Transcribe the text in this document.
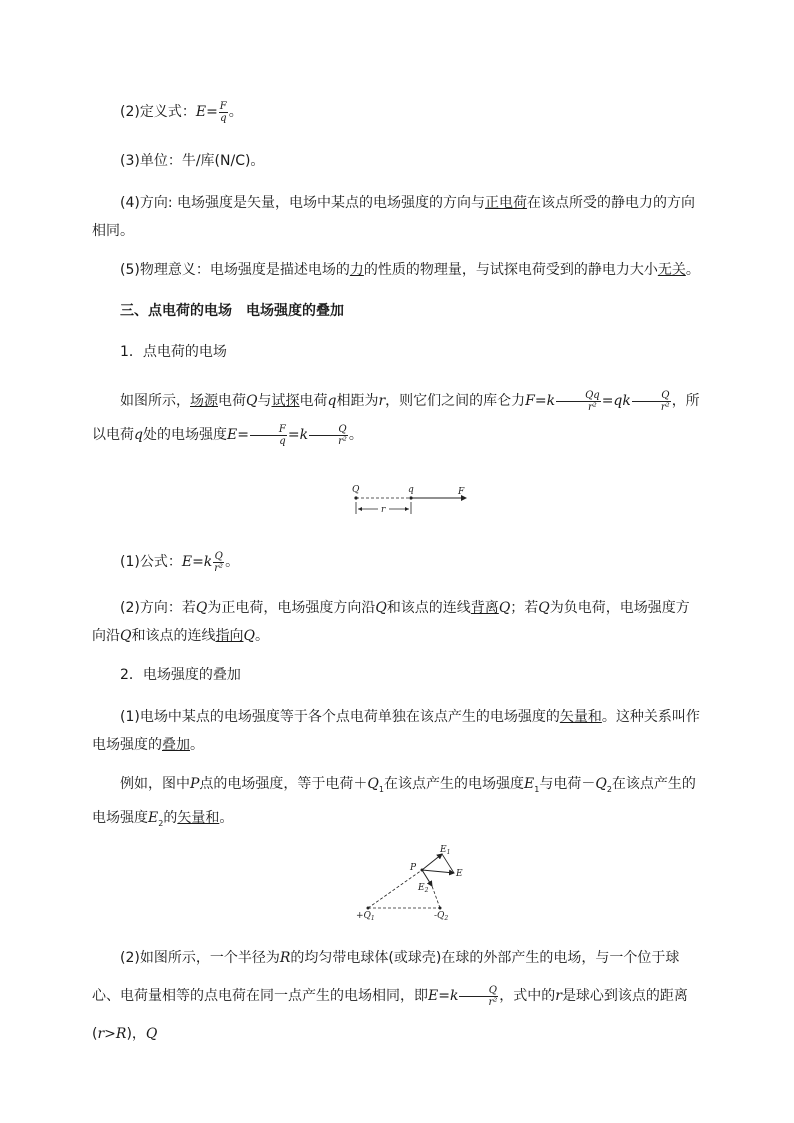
(2)定义式：$E= \frac{F}{q}$ 。
(3)单位：牛/库(N/C)。
(4)方向: 电场强度是矢量，电场中某点的电场强度的方向与正电荷在该点所受的静电力的方向相同。
(5)物理意义：电场强度是描述电场的力的性质的物理量，与试探电荷受到的静电力大小无关。
三、点电荷的电场　电场强度的叠加
1．点电荷的电场
如图所示，场源电荷Q与试探电荷q相距为r，则它们之间的库仑力$F=k \frac{Qq}{\text{r²}} =qk \frac{Q}{\text{r²}}$ ，所以电荷q处的电场强度$E= \frac{F}{q} =k \frac{Q}{\text{r²}}$ 。
Q	q	F
r
(1)公式：$E=k \frac{Q}{\text{r²}}$ 。
(2)方向：若Q为正电荷，电场强度方向沿Q和该点的连线背离Q；若Q为负电荷，电场强度方向沿Q和该点的连线指向Q。
2．电场强度的叠加
(1)电场中某点的电场强度等于各个点电荷单独在该点产生的电场强度的矢量和。这种关系叫作电场强度的叠加。
例如，图中P点的电场强度，等于电荷$+Q_1$在该点产生的电场强度$E_1$与电荷$-Q_2$在该点产生的电场强度$E_2$的矢量和。
P
$E_1$
E
$E_2$
$+Q_1$	$-Q_2$
(2)如图所示，一个半径为R的均匀带电球体(或球壳)在球的外部产生的电场，与一个位于球心、电荷量相等的点电荷在同一点产生的电场相同，即$E=k \frac{Q}{\text{r²}}$ ，式中的r是球心到该点的距离(r>R)，Q
